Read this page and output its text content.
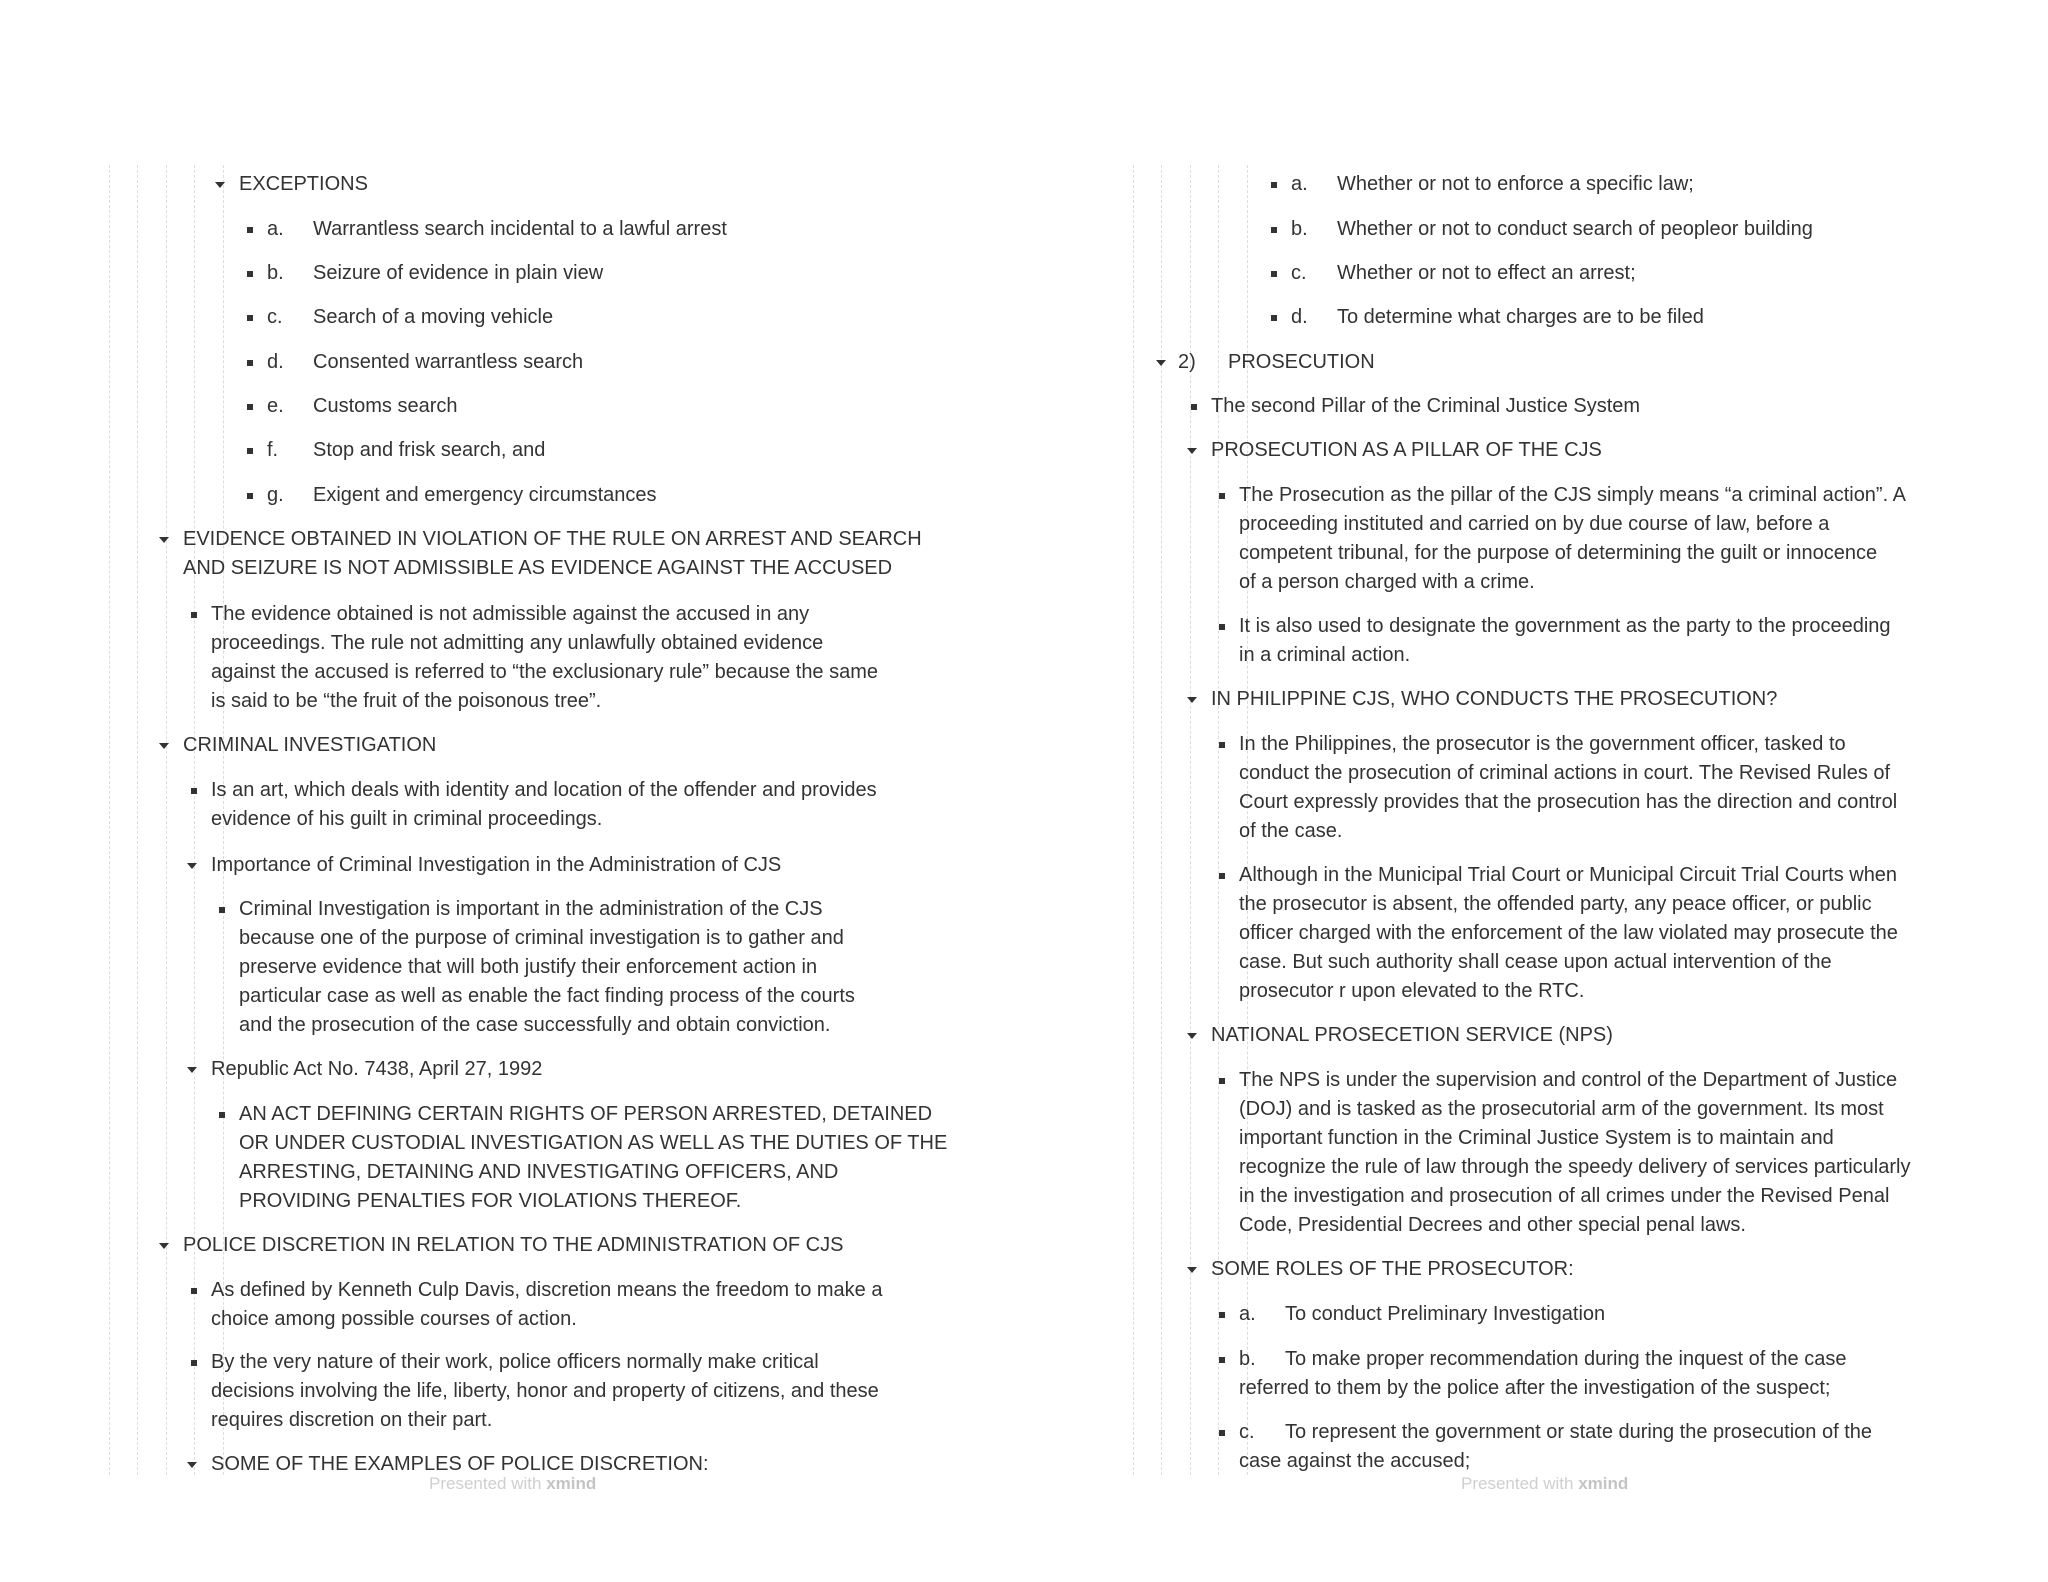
EXCEPTIONS
a. Warrantless search incidental to a lawful arrest
b. Seizure of evidence in plain view
c. Search of a moving vehicle
d. Consented warrantless search
e. Customs search
f. Stop and frisk search, and
g. Exigent and emergency circumstances
EVIDENCE OBTAINED IN VIOLATION OF THE RULE ON ARREST AND SEARCH
AND SEIZURE IS NOT ADMISSIBLE AS EVIDENCE AGAINST THE ACCUSED
The evidence obtained is not admissible against the accused in any
proceedings. The rule not admitting any unlawfully obtained evidence
against the accused is referred to “the exclusionary rule” because the same
is said to be “the fruit of the poisonous tree”.
CRIMINAL INVESTIGATION
Is an art, which deals with identity and location of the offender and provides
evidence of his guilt in criminal proceedings.
Importance of Criminal Investigation in the Administration of CJS
Criminal Investigation is important in the administration of the CJS
because one of the purpose of criminal investigation is to gather and
preserve evidence that will both justify their enforcement action in
particular case as well as enable the fact finding process of the courts
and the prosecution of the case successfully and obtain conviction.
Republic Act No. 7438, April 27, 1992
AN ACT DEFINING CERTAIN RIGHTS OF PERSON ARRESTED, DETAINED
OR UNDER CUSTODIAL INVESTIGATION AS WELL AS THE DUTIES OF THE
ARRESTING, DETAINING AND INVESTIGATING OFFICERS, AND
PROVIDING PENALTIES FOR VIOLATIONS THEREOF.
POLICE DISCRETION IN RELATION TO THE ADMINISTRATION OF CJS
As defined by Kenneth Culp Davis, discretion means the freedom to make a
choice among possible courses of action.
By the very nature of their work, police officers normally make critical
decisions involving the life, liberty, honor and property of citizens, and these
requires discretion on their part.
SOME OF THE EXAMPLES OF POLICE DISCRETION:
Presented with xmind
a. Whether or not to enforce a specific law;
b. Whether or not to conduct search of peopleor building
c. Whether or not to effect an arrest;
d. To determine what charges are to be filed
2) PROSECUTION
The second Pillar of the Criminal Justice System
PROSECUTION AS A PILLAR OF THE CJS
The Prosecution as the pillar of the CJS simply means “a criminal action”. A
proceeding instituted and carried on by due course of law, before a
competent tribunal, for the purpose of determining the guilt or innocence
of a person charged with a crime.
It is also used to designate the government as the party to the proceeding
in a criminal action.
IN PHILIPPINE CJS, WHO CONDUCTS THE PROSECUTION?
In the Philippines, the prosecutor is the government officer, tasked to
conduct the prosecution of criminal actions in court. The Revised Rules of
Court expressly provides that the prosecution has the direction and control
of the case.
Although in the Municipal Trial Court or Municipal Circuit Trial Courts when
the prosecutor is absent, the offended party, any peace officer, or public
officer charged with the enforcement of the law violated may prosecute the
case. But such authority shall cease upon actual intervention of the
prosecutor r upon elevated to the RTC.
NATIONAL PROSECETION SERVICE (NPS)
The NPS is under the supervision and control of the Department of Justice
(DOJ) and is tasked as the prosecutorial arm of the government. Its most
important function in the Criminal Justice System is to maintain and
recognize the rule of law through the speedy delivery of services particularly
in the investigation and prosecution of all crimes under the Revised Penal
Code, Presidential Decrees and other special penal laws.
SOME ROLES OF THE PROSECUTOR:
a. To conduct Preliminary Investigation
b. To make proper recommendation during the inquest of the case
referred to them by the police after the investigation of the suspect;
c. To represent the government or state during the prosecution of the
case against the accused;
Presented with xmind
